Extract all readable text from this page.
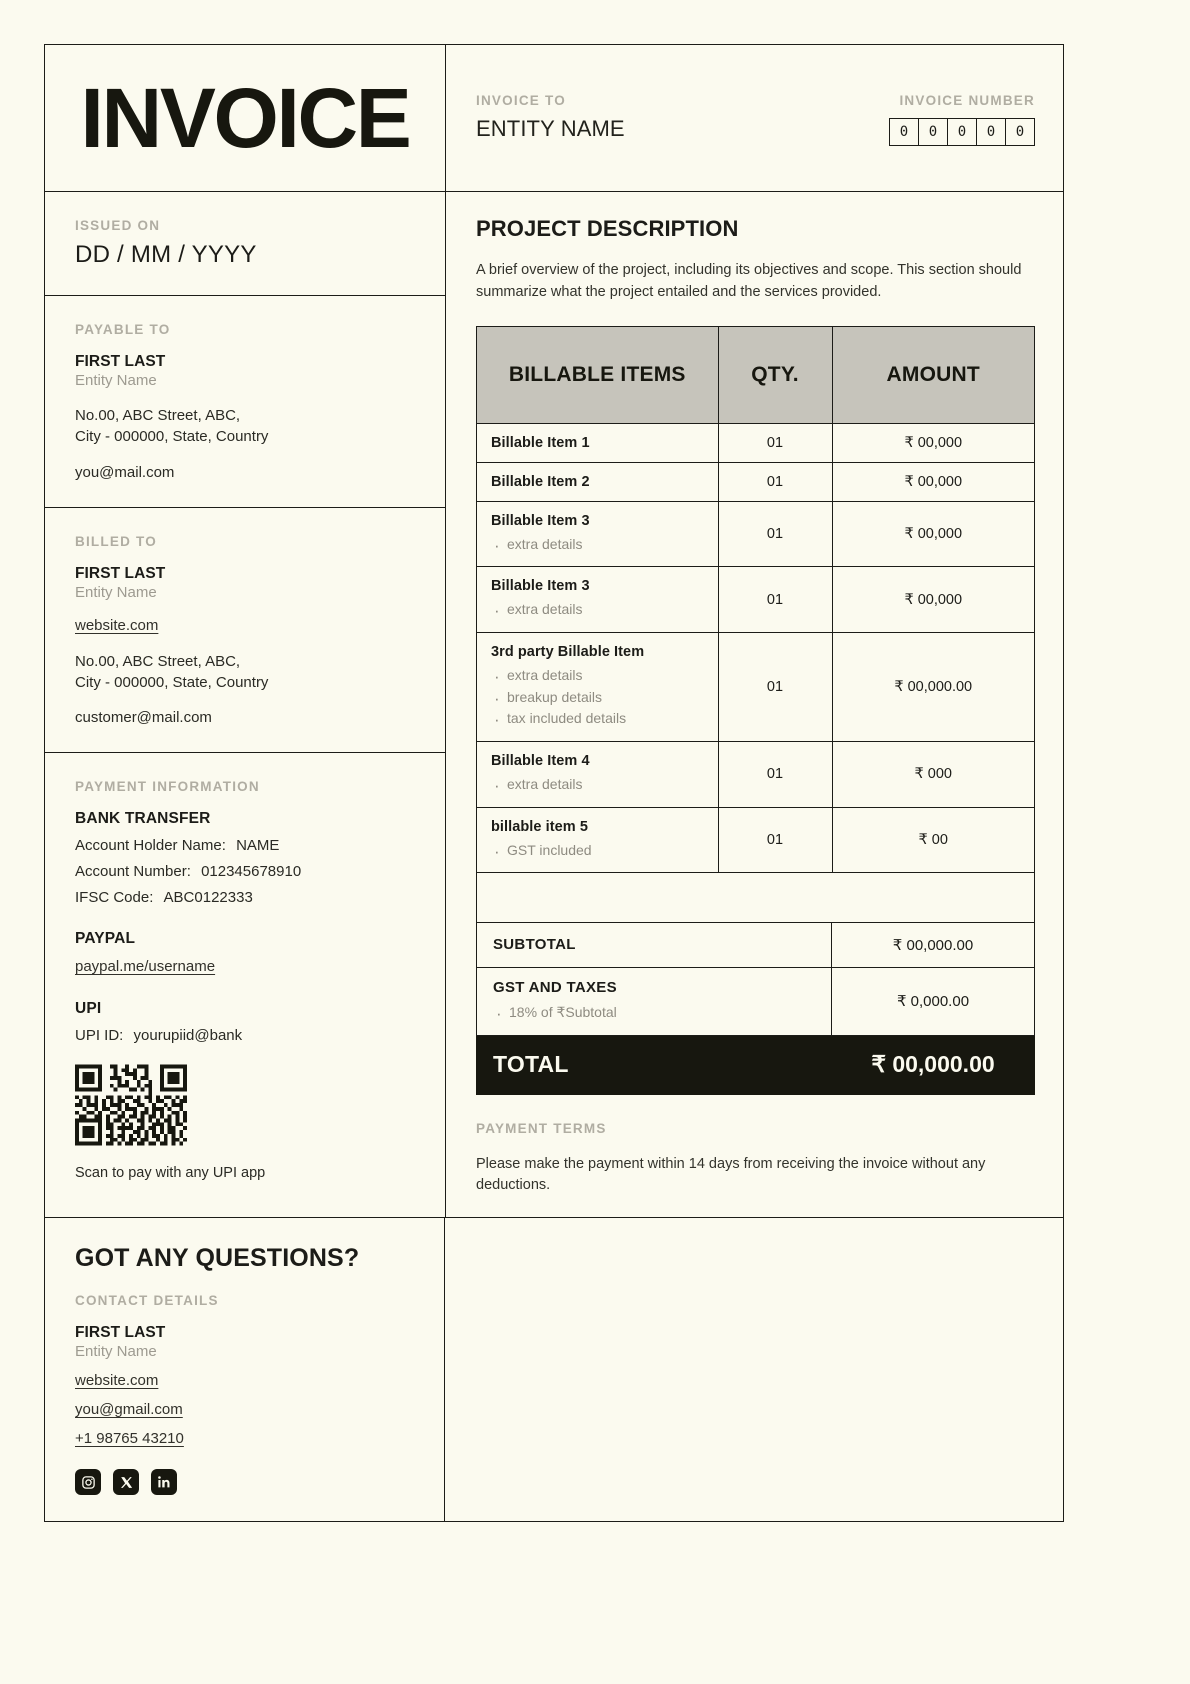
INVOICE	INVOICE TO
ENTITY NAME
INVOICE NUMBER
0	0	0	0	0
ISSUED ON
DD / MM / YYYY
PAYABLE TO
FIRST LAST
Entity Name
No.00, ABC Street, ABC,
City - 000000, State, Country
you@mail.com
BILLED TO
FIRST LAST
Entity Name
website.com
No.00, ABC Street, ABC,
City - 000000, State, Country
customer@mail.com
PAYMENT INFORMATION
BANK TRANSFER
Account Holder Name: NAME
Account Number: 012345678910
IFSC Code: ABC0122333
PAYPAL
paypal.me/username
UPI
UPI ID: yourupiid@bank
Scan to pay with any UPI app
PROJECT DESCRIPTION

A brief overview of the project, including its objectives and scope. This section should summarize what the project entailed and the services provided.

BILLABLE ITEMS	QTY.	AMOUNT

Billable Item 1	01	₹ 00,000

Billable Item 2	01	₹ 00,000

Billable Item 3
· extra details
	01	₹ 00,000

Billable Item 3
· extra details
	01	₹ 00,000

3rd party Billable Item
· extra details
· breakup details
· tax included details
	01	₹ 00,000.00

Billable Item 4
· extra details
	01	₹ 000

billable item 5
· GST included
	01	₹ 00
SUBTOTAL	₹ 00,000.00
GST AND TAXES
· 18% of ₹Subtotal
₹ 0,000.00
TOTAL	₹ 00,000.00
PAYMENT TERMS

Please make the payment within 14 days from receiving the invoice without any deductions.

GOT ANY QUESTIONS?
CONTACT DETAILS
FIRST LAST
Entity Name
website.com
you@gmail.com
+1 98765 43210
